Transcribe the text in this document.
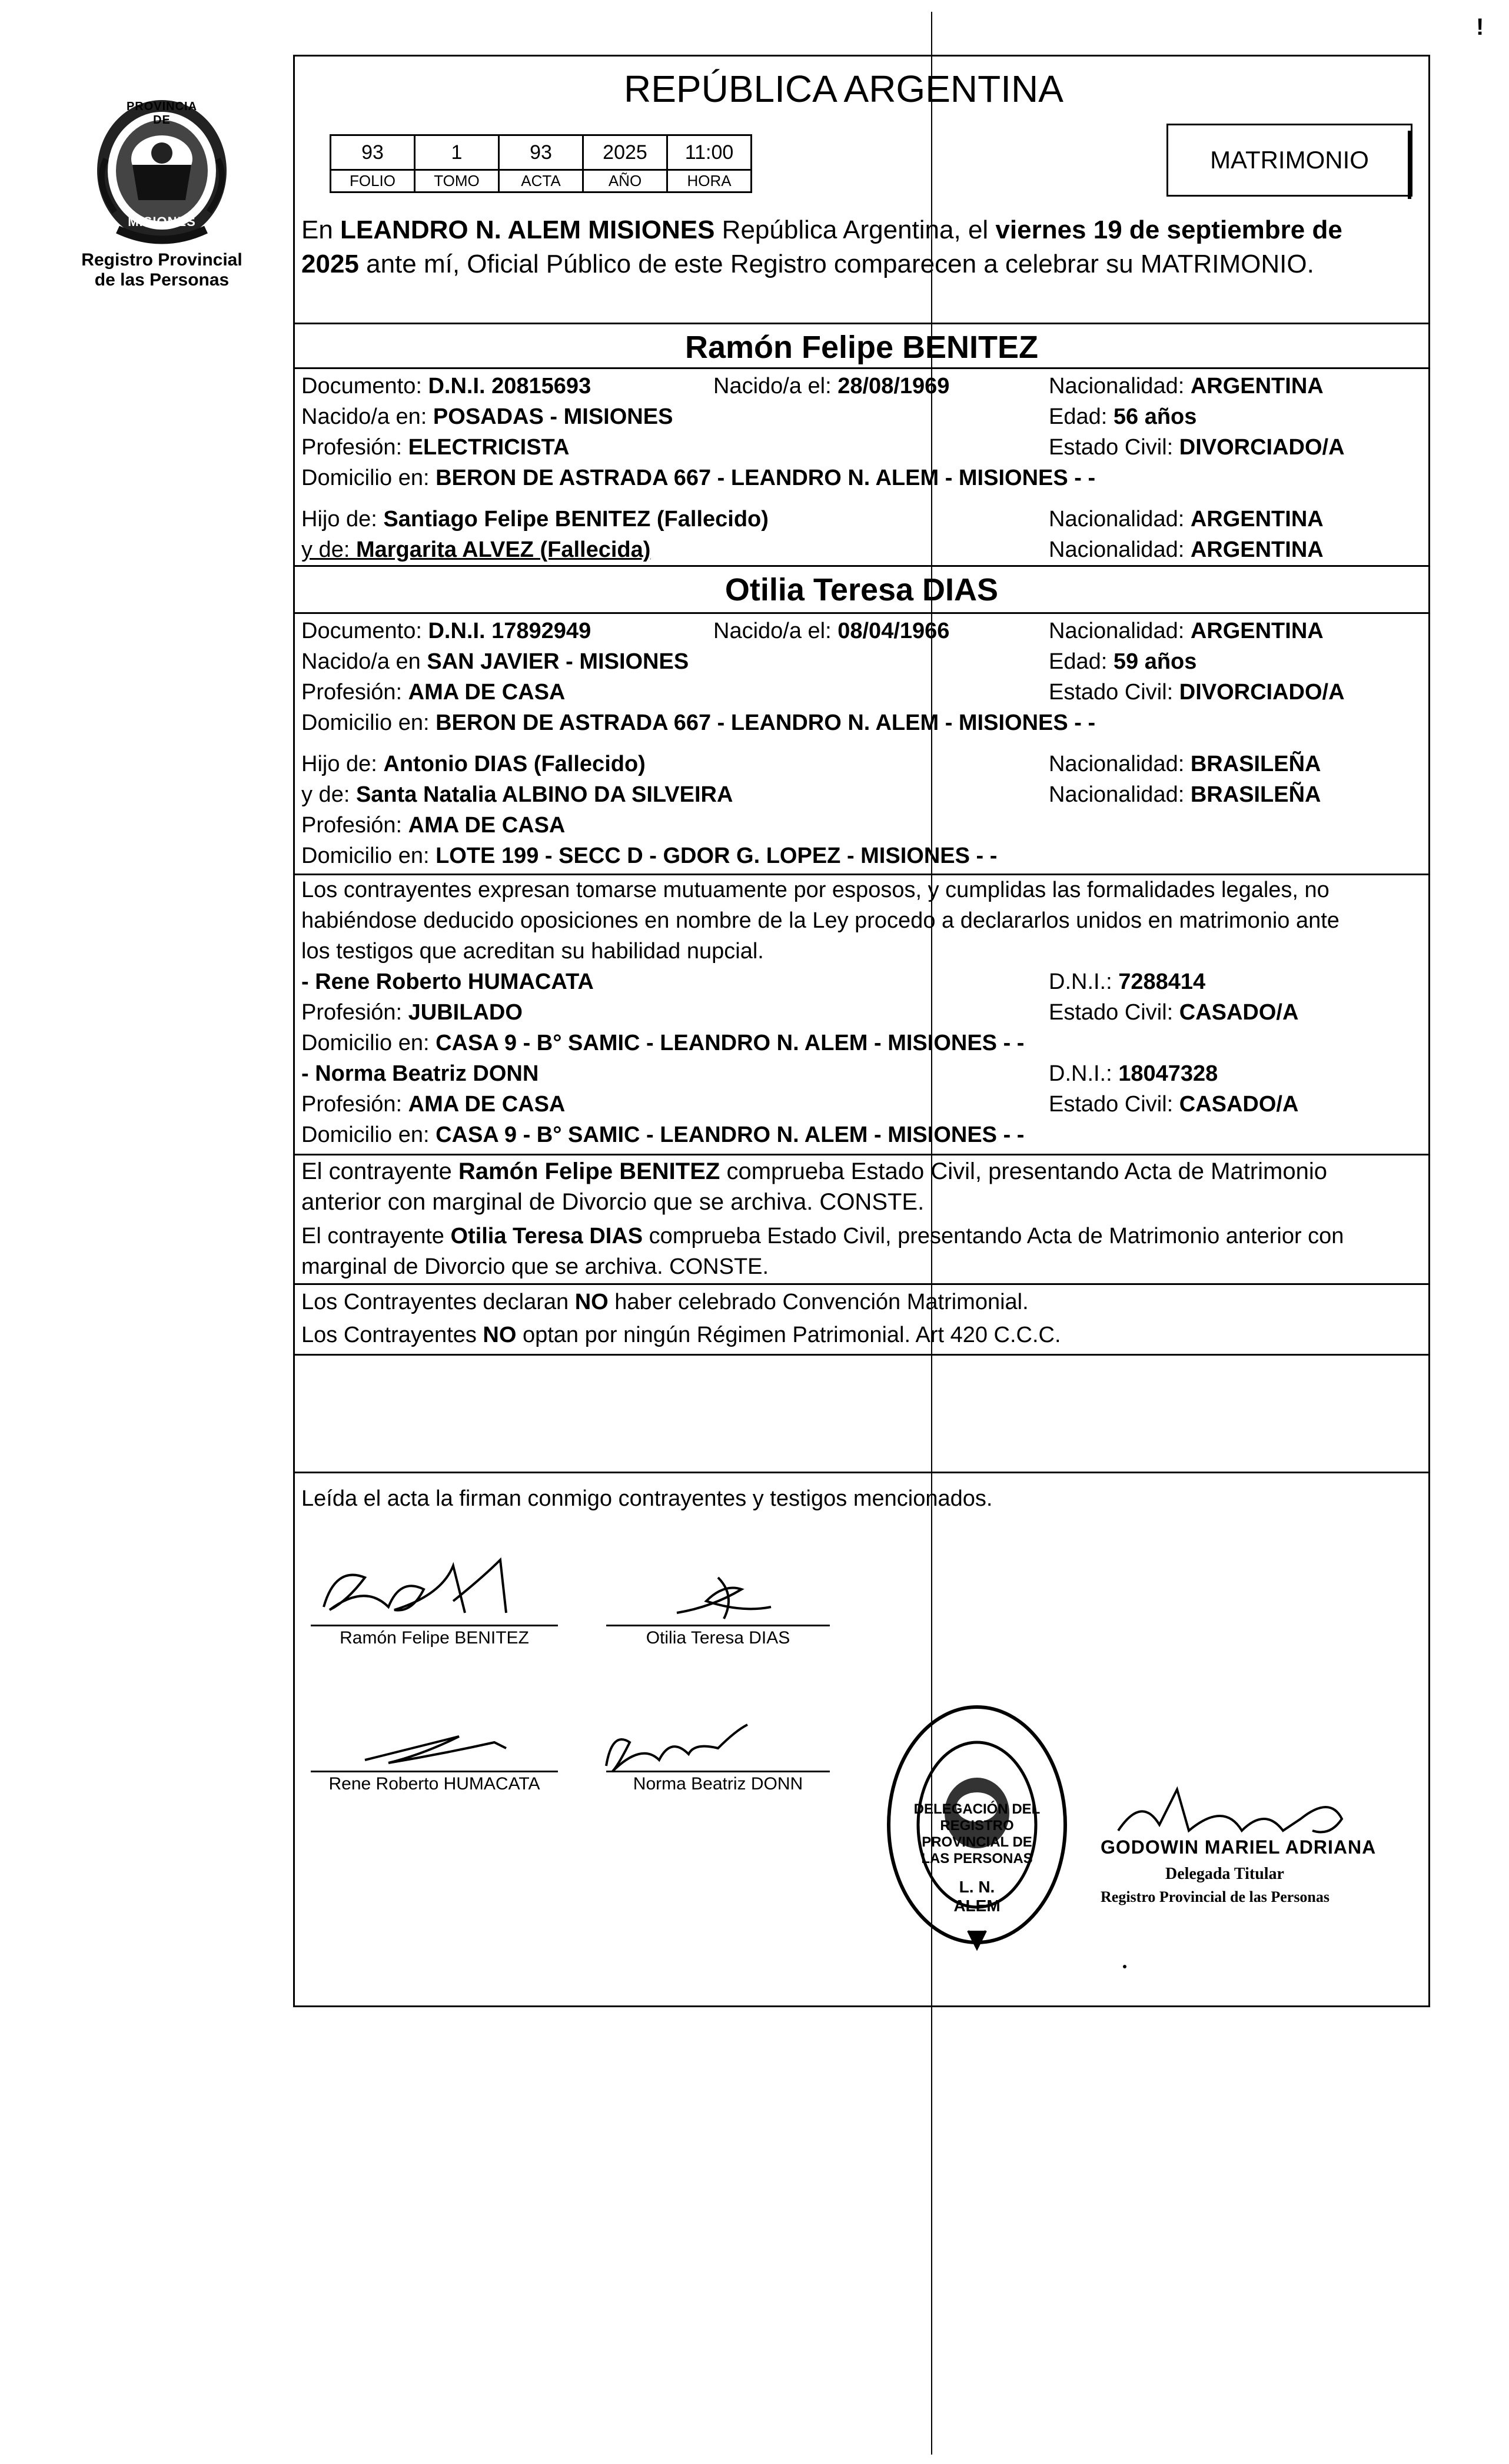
!
PROVINCIA DE
MISIONES
Registro Provincial
de las Personas
REPÚBLICA ARGENTINA
93	1	93	2025	11:00
FOLIO	TOMO	ACTA	AÑO	HORA
MATRIMONIO
En LEANDRO N. ALEM MISIONES República Argentina, el viernes 19 de septiembre de
2025 ante mí, Oficial Público de este Registro comparecen a celebrar su MATRIMONIO.
Ramón Felipe BENITEZ
Documento: D.N.I. 20815693	Nacido/a el: 28/08/1969	Nacionalidad: ARGENTINA
Nacido/a en: POSADAS - MISIONES	Edad: 56 años
Profesión: ELECTRICISTA	Estado Civil: DIVORCIADO/A
Domicilio en: BERON DE ASTRADA 667 - LEANDRO N. ALEM - MISIONES - -
Hijo de: Santiago Felipe BENITEZ (Fallecido)	Nacionalidad: ARGENTINA
y de: Margarita ALVEZ (Fallecida)	Nacionalidad: ARGENTINA
Otilia Teresa DIAS
Documento: D.N.I. 17892949	Nacido/a el: 08/04/1966	Nacionalidad: ARGENTINA
Nacido/a en SAN JAVIER - MISIONES	Edad: 59 años
Profesión: AMA DE CASA	Estado Civil: DIVORCIADO/A
Domicilio en: BERON DE ASTRADA 667 - LEANDRO N. ALEM - MISIONES - -
Hijo de: Antonio DIAS (Fallecido)	Nacionalidad: BRASILEÑA
y de: Santa Natalia ALBINO DA SILVEIRA	Nacionalidad: BRASILEÑA
Profesión: AMA DE CASA
Domicilio en: LOTE 199 - SECC D - GDOR G. LOPEZ - MISIONES - -
Los contrayentes expresan tomarse mutuamente por esposos, y cumplidas las formalidades legales, no
habiéndose deducido oposiciones en nombre de la Ley procedo a declararlos unidos en matrimonio ante
los testigos que acreditan su habilidad nupcial.
- Rene Roberto HUMACATA	D.N.I.: 7288414
Profesión: JUBILADO	Estado Civil: CASADO/A
Domicilio en: CASA 9 - B° SAMIC - LEANDRO N. ALEM - MISIONES - -
- Norma Beatriz DONN	D.N.I.: 18047328
Profesión: AMA DE CASA	Estado Civil: CASADO/A
Domicilio en: CASA 9 - B° SAMIC - LEANDRO N. ALEM - MISIONES - -
El contrayente Ramón Felipe BENITEZ comprueba Estado Civil, presentando Acta de Matrimonio
anterior con marginal de Divorcio que se archiva. CONSTE.
El contrayente Otilia Teresa DIAS comprueba Estado Civil, presentando Acta de Matrimonio anterior con
marginal de Divorcio que se archiva. CONSTE.
Los Contrayentes declaran NO haber celebrado Convención Matrimonial.
Los Contrayentes NO optan por ningún Régimen Patrimonial. Art 420 C.C.C.
Leída el acta la firman conmigo contrayentes y testigos mencionados.
Ramón Felipe BENITEZ	Otilia Teresa DIAS
Rene Roberto HUMACATA	Norma Beatriz DONN
DELEGACIÓN DEL REGISTRO PROVINCIAL DE LAS PERSONAS
L. N. ALEM
GODOWIN MARIEL ADRIANA
Delegada Titular
Registro Provincial de las Personas
